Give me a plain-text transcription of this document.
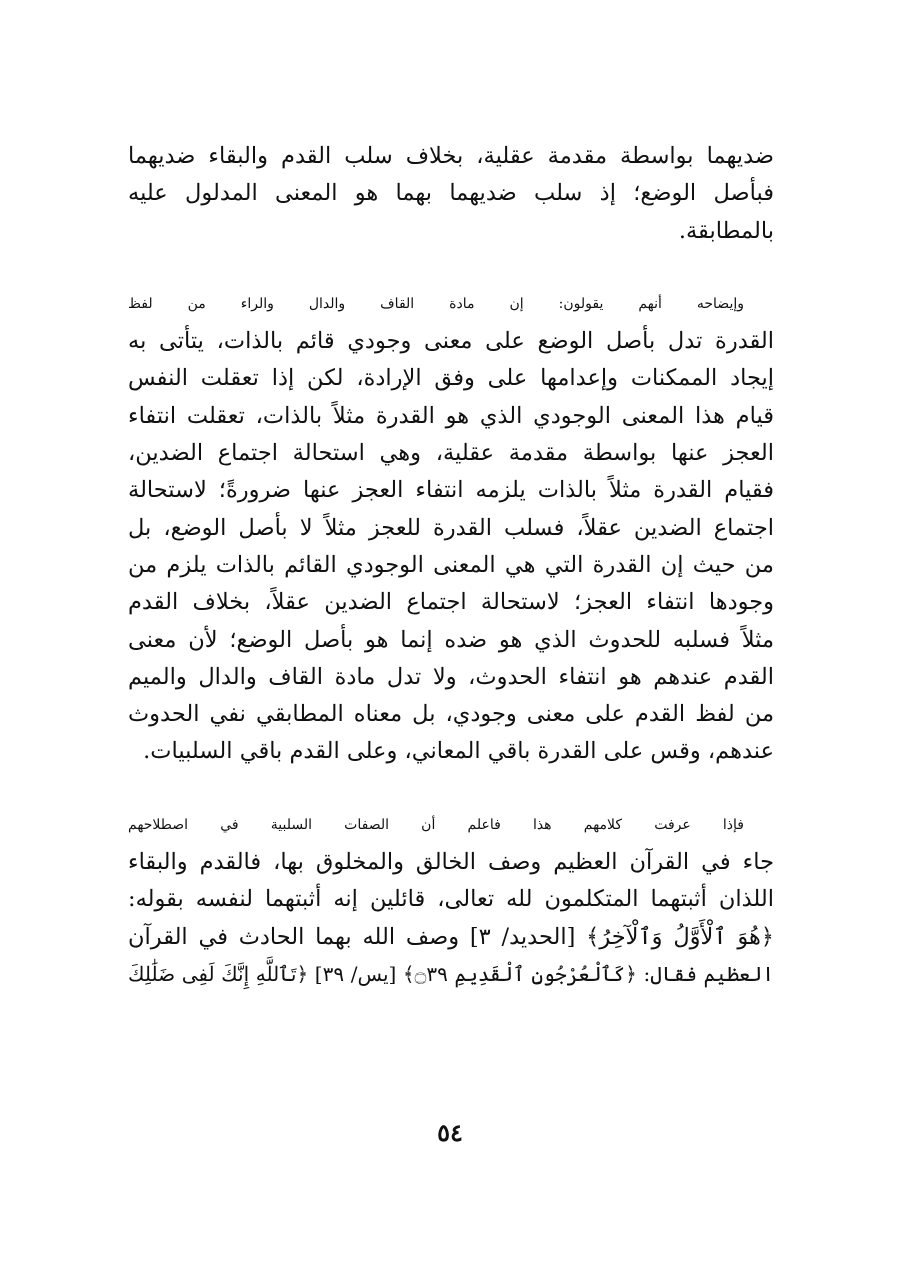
ضديهما بواسطة مقدمة عقلية، بخلاف سلب القدم والبقاء ضديهما
فبأصل الوضع؛ إذ سلب ضديهما بهما هو المعنى المدلول عليه
بالمطابقة.

وإيضاحه أنهم يقولون: إن مادة القاف والدال والراء من لفظ
القدرة تدل بأصل الوضع على معنى وجودي قائم بالذات، يتأتى به
إيجاد الممكنات وإعدامها على وفق الإرادة، لكن إذا تعقلت النفس
قيام هذا المعنى الوجودي الذي هو القدرة مثلاً بالذات، تعقلت انتفاء
العجز عنها بواسطة مقدمة عقلية، وهي استحالة اجتماع الضدين،
فقيام القدرة مثلاً بالذات يلزمه انتفاء العجز عنها ضرورةً؛ لاستحالة
اجتماع الضدين عقلاً، فسلب القدرة للعجز مثلاً لا بأصل الوضع، بل
من حيث إن القدرة التي هي المعنى الوجودي القائم بالذات يلزم من
وجودها انتفاء العجز؛ لاستحالة اجتماع الضدين عقلاً، بخلاف القدم
مثلاً فسلبه للحدوث الذي هو ضده إنما هو بأصل الوضع؛ لأن معنى
القدم عندهم هو انتفاء الحدوث، ولا تدل مادة القاف والدال والميم
من لفظ القدم على معنى وجودي، بل معناه المطابقي نفي الحدوث
عندهم، وقس على القدرة باقي المعاني، وعلى القدم باقي السلبيات.

فإذا عرفت كلامهم هذا فاعلم أن الصفات السلبية في اصطلاحهم
جاء في القرآن العظيم وصف الخالق والمخلوق بها، فالقدم والبقاء
اللذان أثبتهما المتكلمون لله تعالى، قائلين إنه أثبتهما لنفسه بقوله:
﴿هُوَ ٱلْأَوَّلُ وَٱلْآخِرُ﴾ [الحديد/ ٣] وصف الله بهما الحادث في القرآن
العظيم فقال: ﴿كَٱلْعُرْجُونِ ٱلْقَدِيمِ ۝٣٩﴾ [يس/ ٣٩] ﴿تَٱللَّهِ إِنَّكَ لَفِى ضَلَٰلِكَ

٥٤
